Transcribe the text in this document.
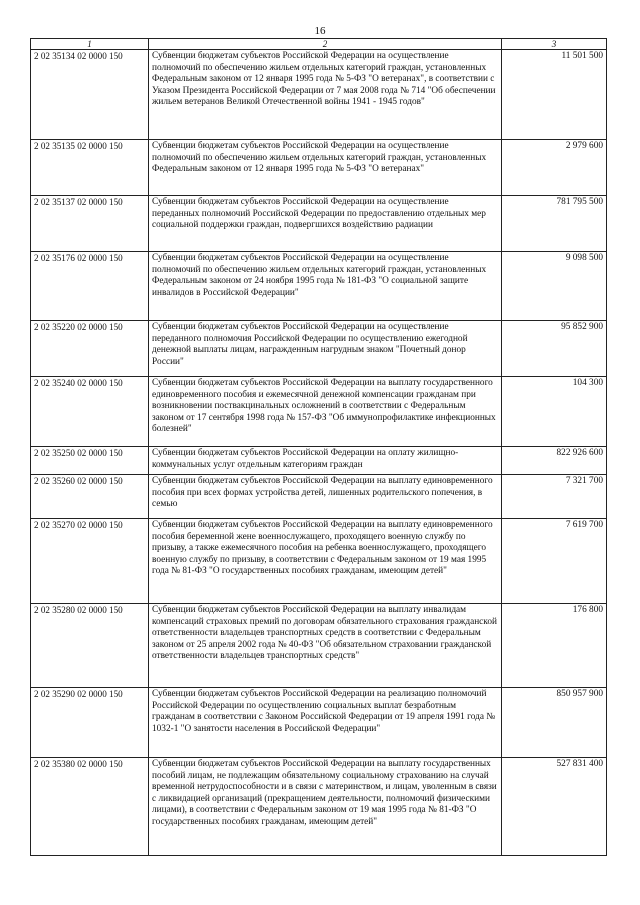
16
1	2	3
2 02 35134 02 0000 150	Субвенции бюджетам субъектов Российской Федерации на осуществление полномочий по обеспечению жильем отдельных категорий граждан, установленных Федеральным законом от 12 января 1995 года № 5-ФЗ "О ветеранах", в соответствии с Указом Президента Российской Федерации от 7 мая 2008 года № 714 "Об обеспечении жильем ветеранов Великой Отечественной войны 1941 - 1945 годов"	11 501 500
2 02 35135 02 0000 150	Субвенции бюджетам субъектов Российской Федерации на осуществление полномочий по обеспечению жильем отдельных категорий граждан, установленных Федеральным законом от 12 января 1995 года № 5-ФЗ "О ветеранах"	2 979 600
2 02 35137 02 0000 150	Субвенции бюджетам субъектов Российской Федерации на осуществление переданных полномочий Российской Федерации по предоставлению отдельных мер социальной поддержки граждан, подвергшихся воздействию радиации	781 795 500
2 02 35176 02 0000 150	Субвенции бюджетам субъектов Российской Федерации на осуществление полномочий по обеспечению жильем отдельных категорий граждан, установленных Федеральным законом от 24 ноября 1995 года № 181-ФЗ "О социальной защите инвалидов в Российской Федерации"	9 098 500
2 02 35220 02 0000 150	Субвенции бюджетам субъектов Российской Федерации на осуществление переданного полномочия Российской Федерации по осуществлению ежегодной денежной выплаты лицам, награжденным нагрудным знаком "Почетный донор России"	95 852 900
2 02 35240 02 0000 150	Субвенции бюджетам субъектов Российской Федерации на выплату государственного единовременного пособия и ежемесячной денежной компенсации гражданам при возникновении поствакцинальных осложнений в соответствии с Федеральным законом от 17 сентября 1998 года № 157-ФЗ "Об иммунопрофилактике инфекционных болезней"	104 300
2 02 35250 02 0000 150	Субвенции бюджетам субъектов Российской Федерации на оплату жилищно-коммунальных услуг отдельным категориям граждан	822 926 600
2 02 35260 02 0000 150	Субвенции бюджетам субъектов Российской Федерации на выплату единовременного пособия при всех формах устройства детей, лишенных родительского попечения, в семью	7 321 700
2 02 35270 02 0000 150	Субвенции бюджетам субъектов Российской Федерации на выплату единовременного пособия беременной жене военнослужащего, проходящего военную службу по призыву, а также ежемесячного пособия на ребенка военнослужащего, проходящего военную службу по призыву, в соответствии с Федеральным законом от 19 мая 1995 года № 81-ФЗ "О государственных пособиях гражданам, имеющим детей"	7 619 700
2 02 35280 02 0000 150	Субвенции бюджетам субъектов Российской Федерации на выплату инвалидам компенсаций страховых премий по договорам обязательного страхования гражданской ответственности владельцев транспортных средств в соответствии с Федеральным законом от 25 апреля 2002 года № 40-ФЗ "Об обязательном страховании гражданской ответственности владельцев транспортных средств"	176 800
2 02 35290 02 0000 150	Субвенции бюджетам субъектов Российской Федерации на реализацию полномочий Российской Федерации по осуществлению социальных выплат безработным гражданам в соответствии с Законом Российской Федерации от 19 апреля 1991 года № 1032-1 "О занятости населения в Российской Федерации"	850 957 900
2 02 35380 02 0000 150	Субвенции бюджетам субъектов Российской Федерации на выплату государственных пособий лицам, не подлежащим обязательному социальному страхованию на случай временной нетрудоспособности и в связи с материнством, и лицам, уволенным в связи с ликвидацией организаций (прекращением деятельности, полномочий физическими лицами), в соответствии с Федеральным законом от 19 мая 1995 года № 81-ФЗ "О государственных пособиях гражданам, имеющим детей"	527 831 400
